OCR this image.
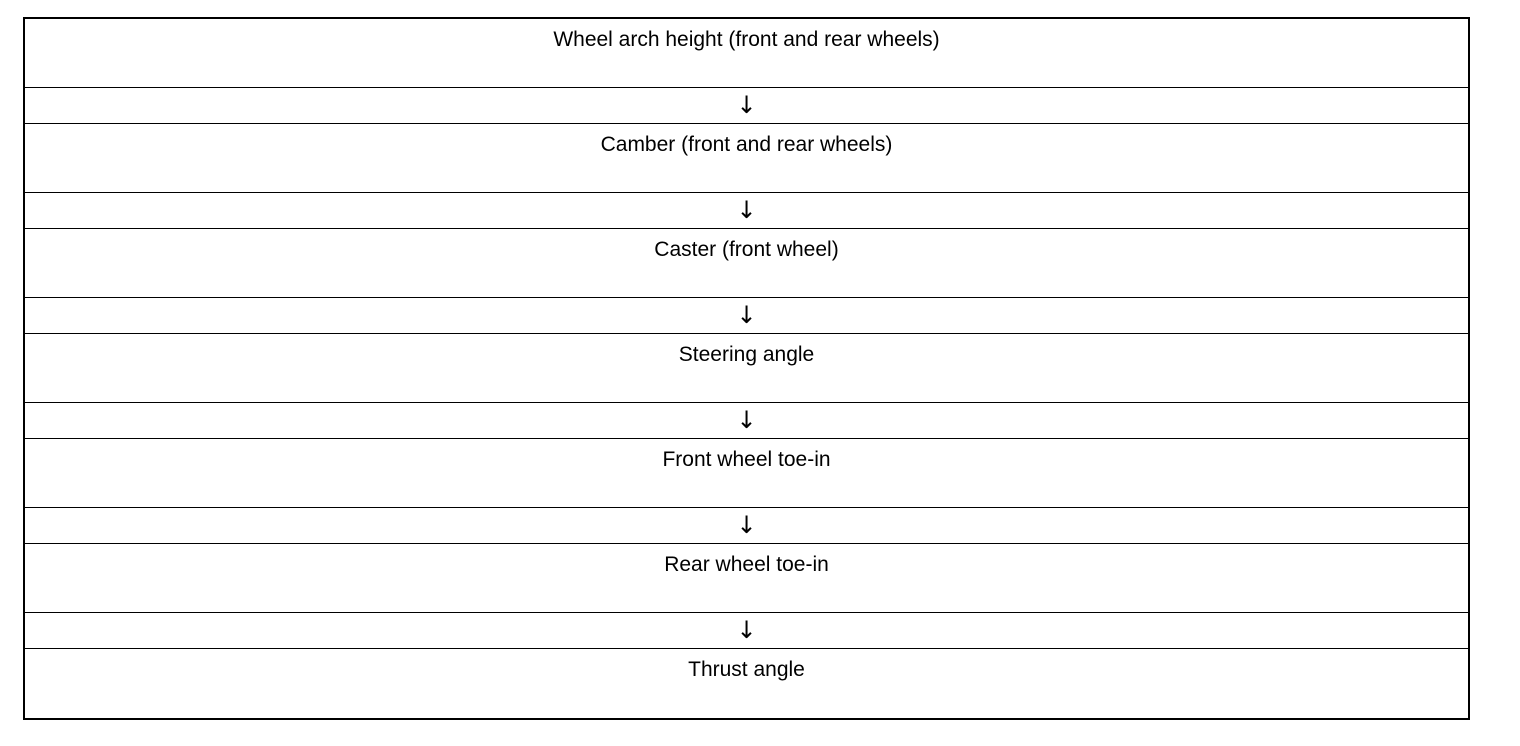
Wheel arch height (front and rear wheels)
↓
Camber (front and rear wheels)
↓
Caster (front wheel)
↓
Steering angle
↓
Front wheel toe-in
↓
Rear wheel toe-in
↓
Thrust angle
